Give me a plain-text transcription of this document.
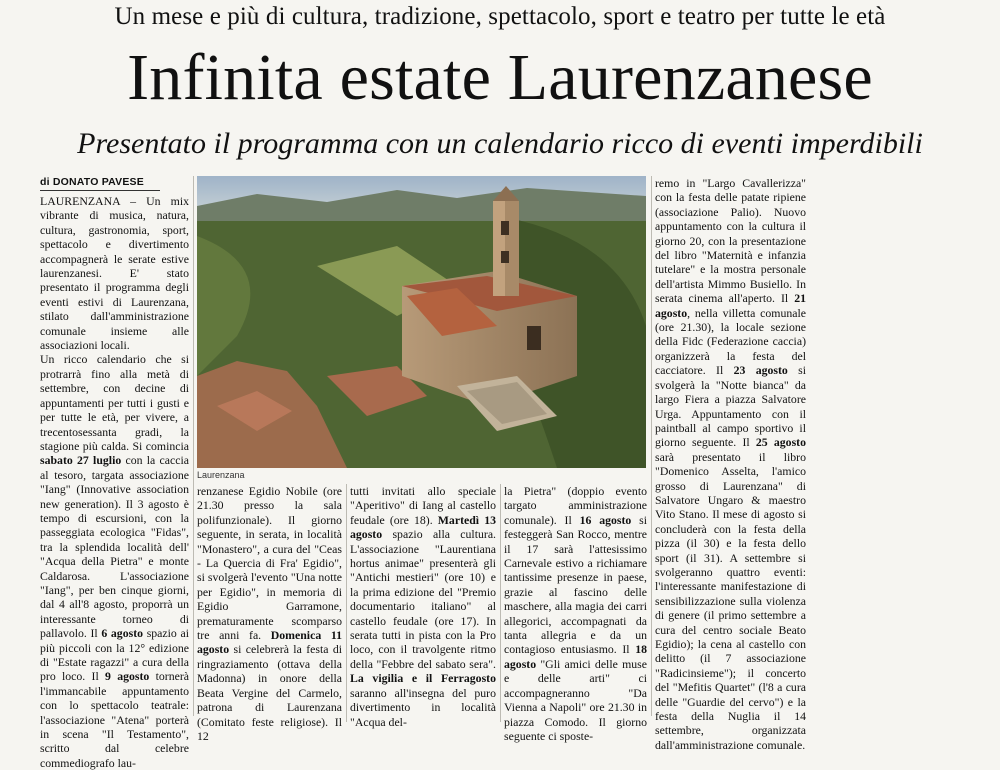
Un mese e più di cultura, tradizione, spettacolo, sport e teatro per tutte le età
Infinita estate Laurenzanese
Presentato il programma con un calendario ricco di eventi imperdibili
di DONATO PAVESE

LAURENZANA – Un mix vibrante di musica, natura, cultura, gastronomia, sport, spettacolo e divertimento accompagnerà le serate estive laurenzanesi. E' stato presentato il programma degli eventi estivi di Laurenzana, stilato dall'amministrazione comunale insieme alle associazioni locali.

Un ricco calendario che si protrarrà fino alla metà di settembre, con decine di appuntamenti per tutti i gusti e per tutte le età, per vivere, a trecentosessanta gradi, la stagione più calda. Si comincia sabato 27 luglio con la caccia al tesoro, targata associazione "Iang" (Innovative association new generation). Il 3 agosto è tempo di escursioni, con la passeggiata ecologica "Fidas", tra la splendida località dell' "Acqua della Pietra" e monte Caldarosa. L'associazione "Iang", per ben cinque giorni, dal 4 all'8 agosto, proporrà un interessante torneo di pallavolo. Il 6 agosto spazio ai più piccoli con la 12° edizione di "Estate ragazzi" a cura della pro loco. Il 9 agosto tornerà l'immancabile appuntamento con lo spettacolo teatrale: l'associazione "Atena" porterà in scena "Il Testamento", scritto dal celebre commediografo lau-

Laurenzana

renzanese Egidio Nobile (ore 21.30 presso la sala polifunzionale). Il giorno seguente, in serata, in località "Monastero", a cura del "Ceas - La Quercia di Fra' Egidio", si svolgerà l'evento "Una notte per Egidio", in memoria di Egidio Garramone, prematuramente scomparso tre anni fa. Domenica 11 agosto si celebrerà la festa di ringraziamento (ottava della Madonna) in onore della Beata Vergine del Carmelo, patrona di Laurenzana (Comitato feste religiose). Il 12

tutti invitati allo speciale "Aperitivo" di Iang al castello feudale (ore 18). Martedì 13 agosto spazio alla cultura. L'associazione "Laurentiana hortus animae" presenterà gli "Antichi mestieri" (ore 10) e la prima edizione del "Premio documentario italiano" al castello feudale (ore 17). In serata tutti in pista con la Pro loco, con il travolgente ritmo della "Febbre del sabato sera". La vigilia e il Ferragosto saranno all'insegna del puro divertimento in località "Acqua del-

la Pietra" (doppio evento targato amministrazione comunale). Il 16 agosto si festeggerà San Rocco, mentre il 17 sarà l'attesissimo Carnevale estivo a richiamare tantissime presenze in paese, grazie al fascino delle maschere, alla magia dei carri allegorici, accompagnati da tanta allegria e da un contagioso entusiasmo. Il 18 agosto "Gli amici delle muse e delle arti" ci accompagneranno "Da Vienna a Napoli" ore 21.30 in piazza Comodo. Il giorno seguente ci sposte-

remo in "Largo Cavallerizza" con la festa delle patate ripiene (associazione Palio). Nuovo appuntamento con la cultura il giorno 20, con la presentazione del libro "Maternità e infanzia tutelare" e la mostra personale dell'artista Mimmo Busiello. In serata cinema all'aperto. Il 21 agosto, nella villetta comunale (ore 21.30), la locale sezione della Fidc (Federazione caccia) organizzerà la festa del cacciatore. Il 23 agosto si svolgerà la "Notte bianca" da largo Fiera a piazza Salvatore Urga. Appuntamento con il paintball al campo sportivo il giorno seguente. Il 25 agosto sarà presentato il libro "Domenico Asselta, l'amico grosso di Laurenzana" di Salvatore Ungaro & maestro Vito Stano. Il mese di agosto si concluderà con la festa della pizza (il 30) e la festa dello sport (il 31). A settembre si svolgeranno quattro eventi: l'interessante manifestazione di sensibilizzazione sulla violenza di genere (il primo settembre a cura del centro sociale Beato Egidio); la cena al castello con delitto (il 7 associazione "Radicinsieme"); il concerto del "Mefitis Quartet" (l'8 a cura delle "Guardie del cervo") e la festa della Nuglia il 14 settembre, organizzata dall'amministrazione comunale.
